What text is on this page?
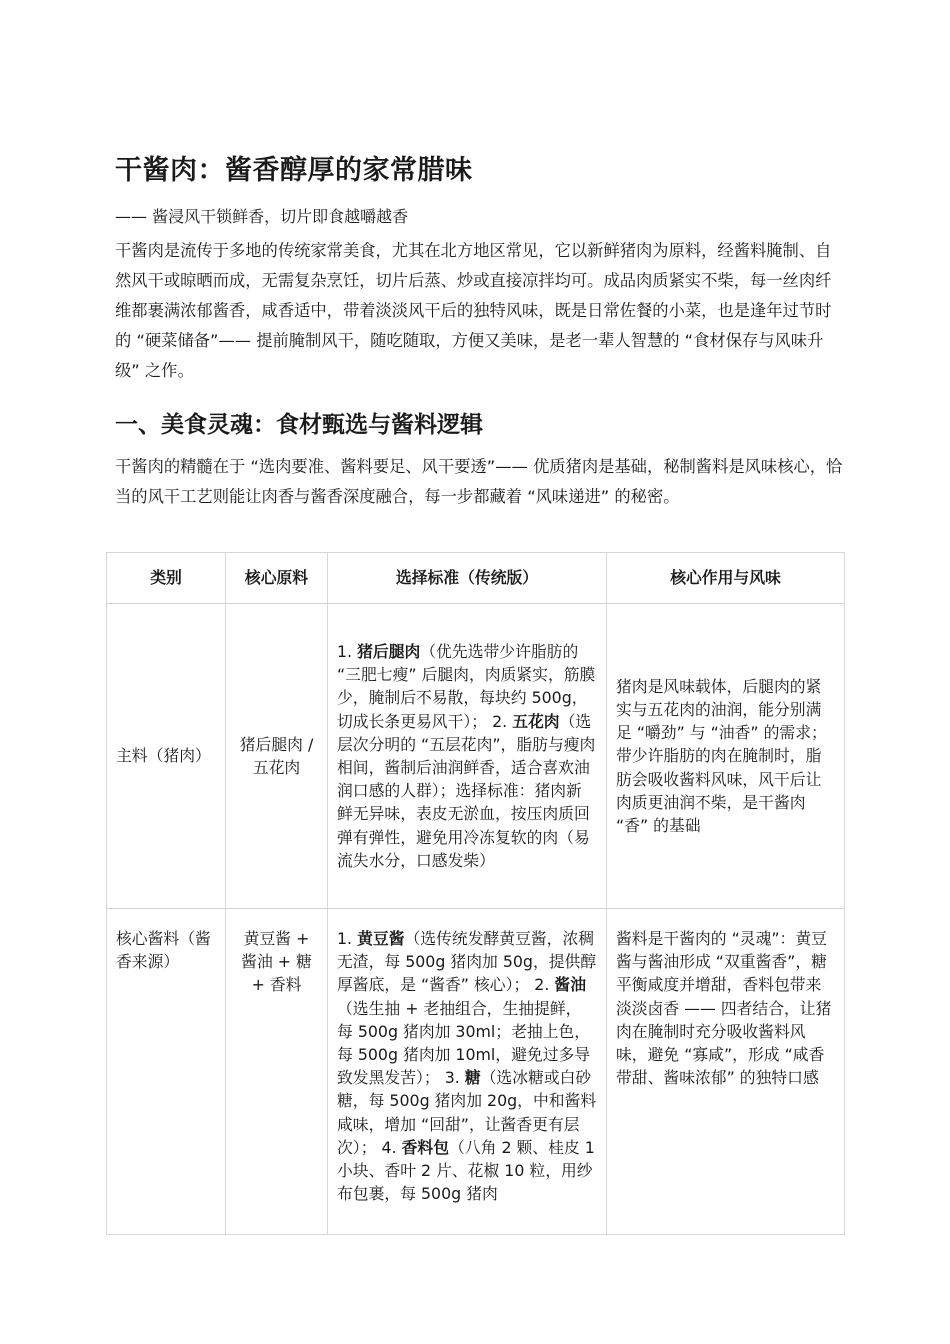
干酱肉：酱香醇厚的家常腊味
—— 酱浸风干锁鲜香，切片即食越嚼越香

干酱肉是流传于多地的传统家常美食，尤其在北方地区常见，它以新鲜猪肉为原料，经酱料腌制、自然风干或晾晒而成，无需复杂烹饪，切片后蒸、炒或直接凉拌均可。成品肉质紧实不柴，每一丝肉纤维都裹满浓郁酱香，咸香适中，带着淡淡风干后的独特风味，既是日常佐餐的小菜，也是逢年过节时的 “硬菜储备”—— 提前腌制风干，随吃随取，方便又美味，是老一辈人智慧的 “食材保存与风味升级” 之作。

一、美食灵魂：食材甄选与酱料逻辑

干酱肉的精髓在于 “选肉要准、酱料要足、风干要透”—— 优质猪肉是基础，秘制酱料是风味核心，恰当的风干工艺则能让肉香与酱香深度融合，每一步都藏着 “风味递进” 的秘密。

类别	核心原料	选择标准（传统版）	核心作用与风味
主料（猪肉）	猪后腿肉 / 五花肉	1. 猪后腿肉（优先选带少许脂肪的 “三肥七瘦” 后腿肉，肉质紧实，筋膜少，腌制后不易散，每块约 500g，切成长条更易风干）； 2. 五花肉（选层次分明的 “五层花肉”，脂肪与瘦肉相间，酱制后油润鲜香，适合喜欢油润口感的人群）；选择标准：猪肉新鲜无异味，表皮无淤血，按压肉质回弹有弹性，避免用冷冻复软的肉（易流失水分，口感发柴）	猪肉是风味载体，后腿肉的紧实与五花肉的油润，能分别满足 “嚼劲” 与 “油香” 的需求；带少许脂肪的肉在腌制时，脂肪会吸收酱料风味，风干后让肉质更油润不柴，是干酱肉 “香” 的基础
核心酱料（酱香来源）	黄豆酱 + 酱油 + 糖 + 香料	1. 黄豆酱（选传统发酵黄豆酱，浓稠无渣，每 500g 猪肉加 50g，提供醇厚酱底，是 “酱香” 核心）； 2. 酱油（选生抽 + 老抽组合，生抽提鲜，每 500g 猪肉加 30ml；老抽上色，每 500g 猪肉加 10ml，避免过多导致发黑发苦）； 3. 糖（选冰糖或白砂糖，每 500g 猪肉加 20g，中和酱料咸味，增加 “回甜”，让酱香更有层次）； 4. 香料包（八角 2 颗、桂皮 1 小块、香叶 2 片、花椒 10 粒，用纱布包裹，每 500g 猪肉	酱料是干酱肉的 “灵魂”：黄豆酱与酱油形成 “双重酱香”，糖平衡咸度并增甜，香料包带来淡淡卤香 —— 四者结合，让猪肉在腌制时充分吸收酱料风味，避免 “寡咸”，形成 “咸香带甜、酱味浓郁” 的独特口感
